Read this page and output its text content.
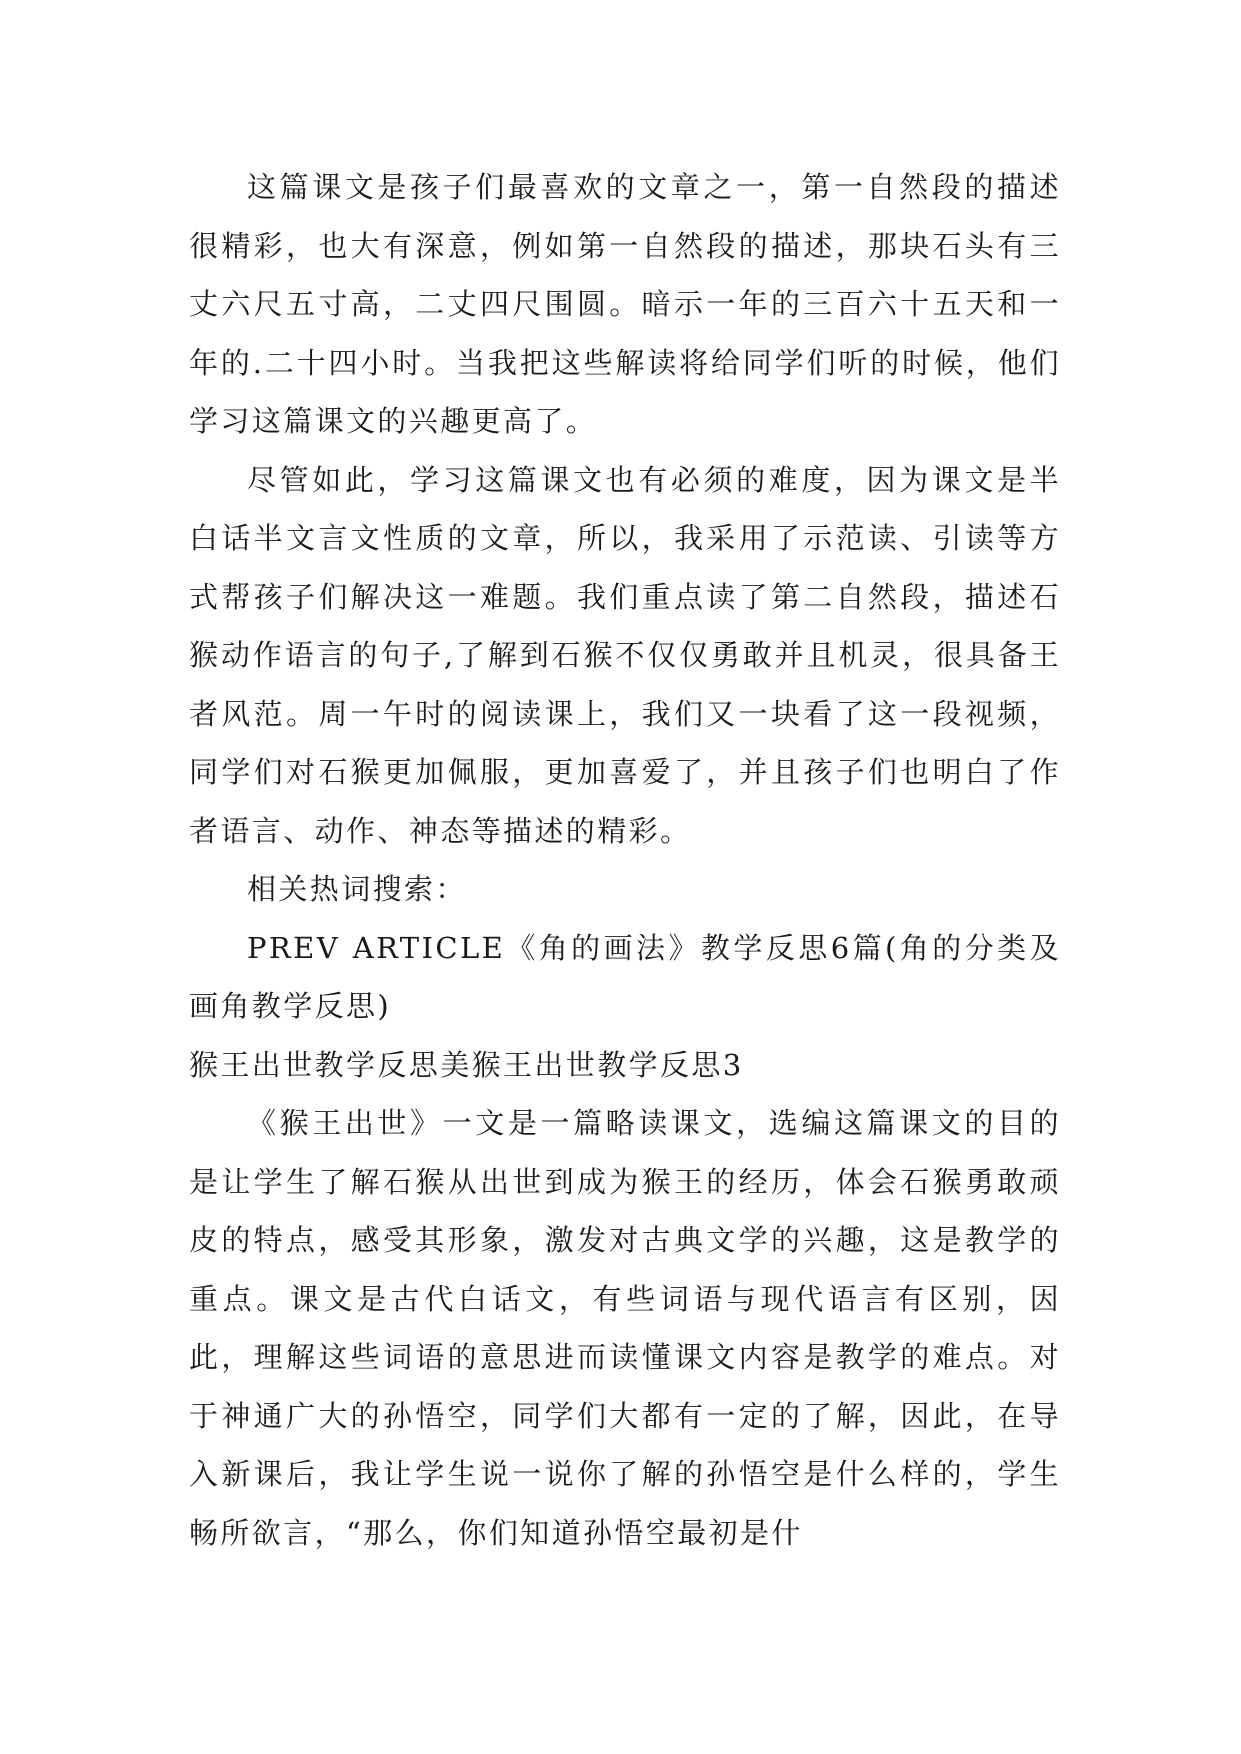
这篇课文是孩子们最喜欢的文章之一，第一自然段的描述很精彩，也大有深意，例如第一自然段的描述，那块石头有三丈六尺五寸高，二丈四尺围圆。暗示一年的三百六十五天和一年的.二十四小时。当我把这些解读将给同学们听的时候，他们学习这篇课文的兴趣更高了。

尽管如此，学习这篇课文也有必须的难度，因为课文是半白话半文言文性质的文章，所以，我采用了示范读、引读等方式帮孩子们解决这一难题。我们重点读了第二自然段，描述石猴动作语言的句子,了解到石猴不仅仅勇敢并且机灵，很具备王者风范。周一午时的阅读课上，我们又一块看了这一段视频，同学们对石猴更加佩服，更加喜爱了，并且孩子们也明白了作者语言、动作、神态等描述的精彩。

相关热词搜索：

PREV ARTICLE《角的画法》教学反思6篇(角的分类及画角教学反思)

猴王出世教学反思美猴王出世教学反思3

《猴王出世》一文是一篇略读课文，选编这篇课文的目的是让学生了解石猴从出世到成为猴王的经历，体会石猴勇敢顽皮的特点，感受其形象，激发对古典文学的兴趣，这是教学的重点。课文是古代白话文，有些词语与现代语言有区别，因此，理解这些词语的意思进而读懂课文内容是教学的难点。对于神通广大的孙悟空，同学们大都有一定的了解，因此，在导入新课后，我让学生说一说你了解的孙悟空是什么样的，学生畅所欲言，“那么，你们知道孙悟空最初是什
